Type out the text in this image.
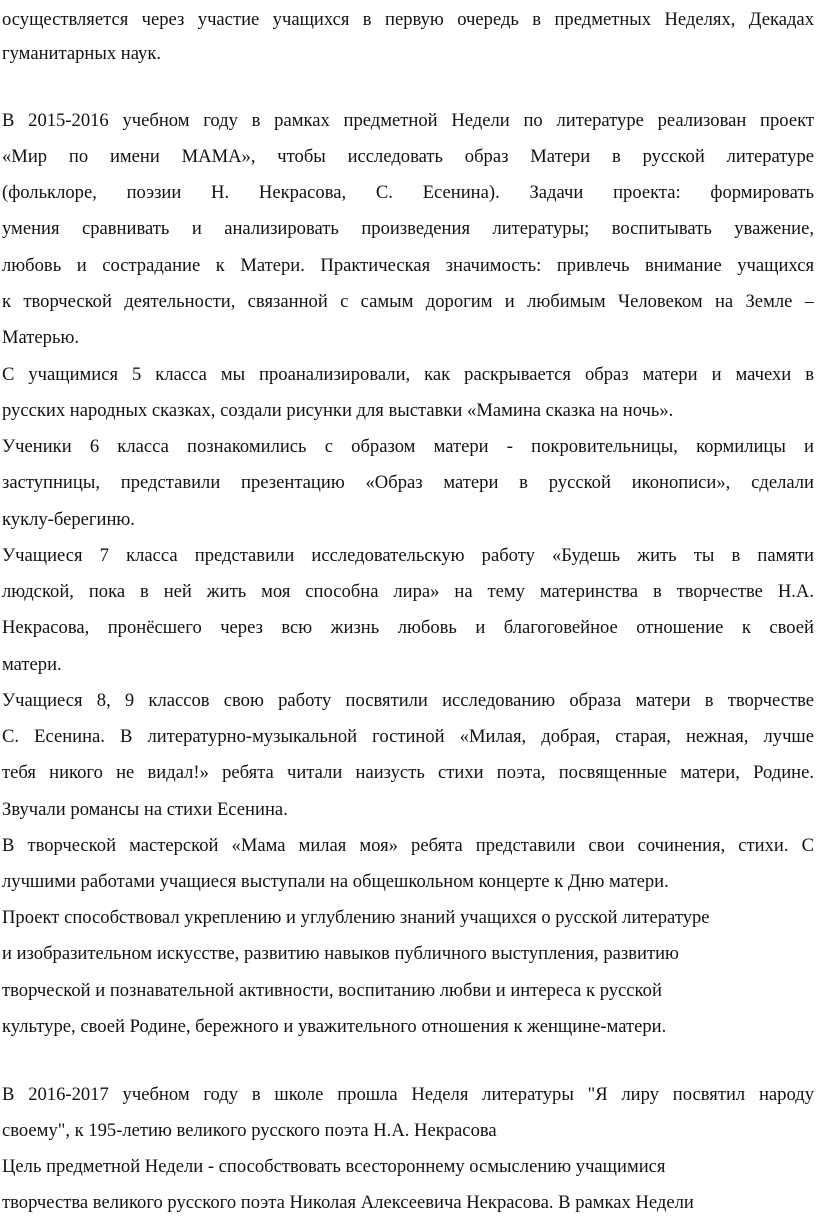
осуществляется через участие учащихся в первую очередь в предметных Неделях, Декадах
гуманитарных наук.
В 2015-2016 учебном году в рамках предметной Недели по литературе реализован проект
«Мир по имени МАМА», чтобы исследовать образ Матери в русской литературе
(фольклоре, поэзии Н. Некрасова, С. Есенина). Задачи проекта: формировать
умения сравнивать и анализировать произведения литературы; воспитывать уважение,
любовь и сострадание к Матери. Практическая значимость: привлечь внимание учащихся
к творческой деятельности, связанной с самым дорогим и любимым Человеком на Земле –
Матерью.
С учащимися 5 класса мы проанализировали, как раскрывается образ матери и мачехи в
русских народных сказках, создали рисунки для выставки «Мамина сказка на ночь».
Ученики 6 класса познакомились с образом матери - покровительницы, кормилицы и
заступницы, представили презентацию «Образ матери в русской иконописи», сделали
куклу-берегиню.
Учащиеся 7 класса представили исследовательскую работу «Будешь жить ты в памяти
людской, пока в ней жить моя способна лира» на тему материнства в творчестве Н.А.
Некрасова, пронёсшего через всю жизнь любовь и благоговейное отношение к своей
матери.
Учащиеся 8, 9 классов свою работу посвятили исследованию образа матери в творчестве
С. Есенина. В литературно-музыкальной гостиной «Милая, добрая, старая, нежная, лучше
тебя никого не видал!» ребята читали наизусть стихи поэта, посвященные матери, Родине.
Звучали романсы на стихи Есенина.
В творческой мастерской «Мама милая моя» ребята представили свои сочинения, стихи. С
лучшими работами учащиеся выступали на общешкольном концерте к Дню матери.
Проект способствовал укреплению и углублению знаний учащихся о русской литературе
и изобразительном искусстве, развитию навыков публичного выступления, развитию
творческой и познавательной активности, воспитанию любви и интереса к русской
культуре, своей Родине, бережного и уважительного отношения к женщине-матери.
В 2016-2017 учебном году в школе прошла Неделя литературы "Я лиру посвятил народу
своему", к 195-летию великого русского поэта Н.А. Некрасова
Цель предметной Недели - способствовать всестороннему осмыслению учащимися
творчества великого русского поэта Николая Алексеевича Некрасова. В рамках Недели
